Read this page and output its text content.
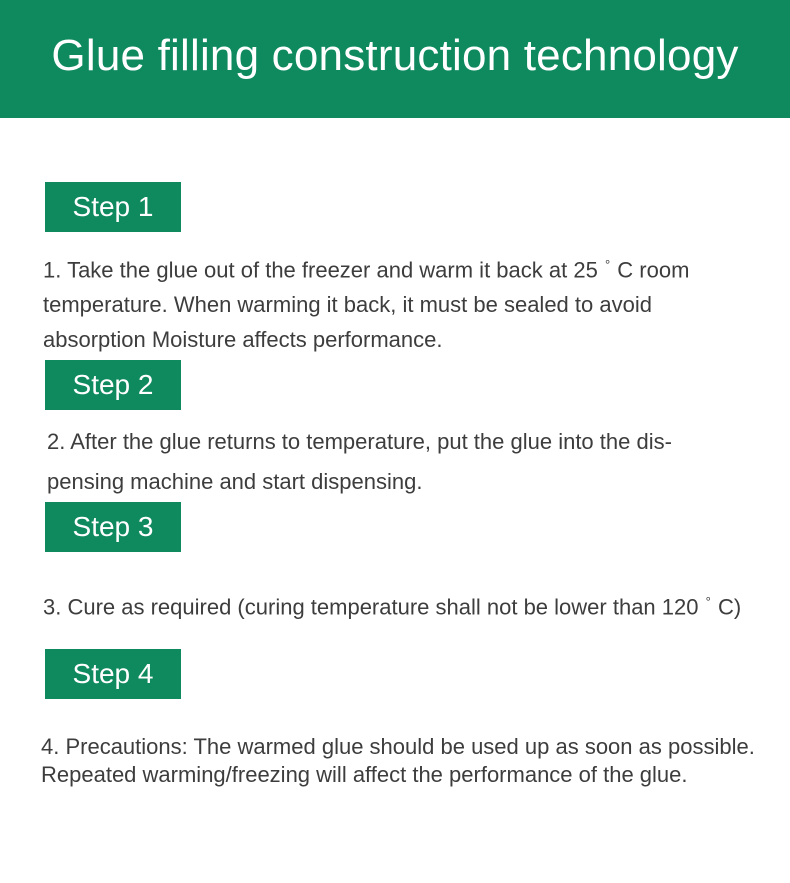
Glue filling construction technology
Step 1
1. Take the glue out of the freezer and warm it back at 25 ° C room
temperature. When warming it back, it must be sealed to avoid
absorption Moisture affects performance.
Step 2
2. After the glue returns to temperature, put the glue into the dis-
pensing machine and start dispensing.
Step 3
3. Cure as required (curing temperature shall not be lower than 120 ° C)
Step 4
4. Precautions: The warmed glue should be used up as soon as possible.
Repeated warming/freezing will affect the performance of the glue.
